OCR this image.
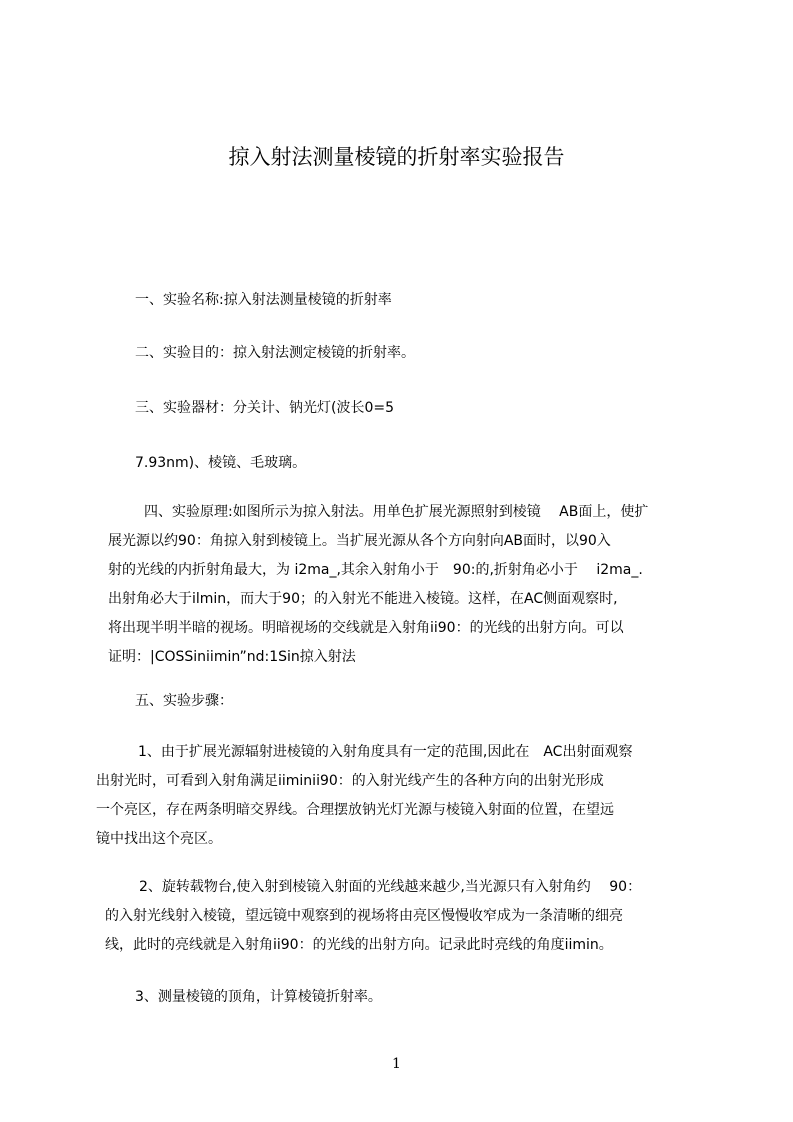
掠入射法测量棱镜的折射率实验报告
一、实验名称:掠入射法测量棱镜的折射率
二、实验目的：掠入射法测定棱镜的折射率。
三、实验器材：分关计、钠光灯(波长0=5
7.93nm)、棱镜、毛玻璃。
四、实验原理:如图所示为掠入射法。用单色扩展光源照射到棱镜　 AB面上，使扩
展光源以约90：角掠入射到棱镜上。当扩展光源从各个方向射向AB面时，以90入
射的光线的内折射角最大，为 i2ma_,其余入射角小于　90:的,折射角必小于　 i2ma_.
出射角必大于ilmin，而大于90；的入射光不能进入棱镜。这样，在AC侧面观察时,
将出现半明半暗的视场。明暗视场的交线就是入射角ii90：的光线的出射方向。可以
证明：|COSSiniimin”nd:1Sin掠入射法
五、实验步骤：
1、由于扩展光源辐射进棱镜的入射角度具有一定的范围,因此在　AC出射面观察
出射光时，可看到入射角满足iiminii90：的入射光线产生的各种方向的出射光形成
一个亮区，存在两条明暗交界线。合理摆放钠光灯光源与棱镜入射面的位置，在望远
镜中找出这个亮区。
2、旋转载物台,使入射到棱镜入射面的光线越来越少,当光源只有入射角约　 90：
的入射光线射入棱镜，望远镜中观察到的视场将由亮区慢慢收窄成为一条清晰的细亮
线，此时的亮线就是入射角ii90：的光线的出射方向。记录此时亮线的角度iimin。
3、测量棱镜的顶角，计算棱镜折射率。
1
